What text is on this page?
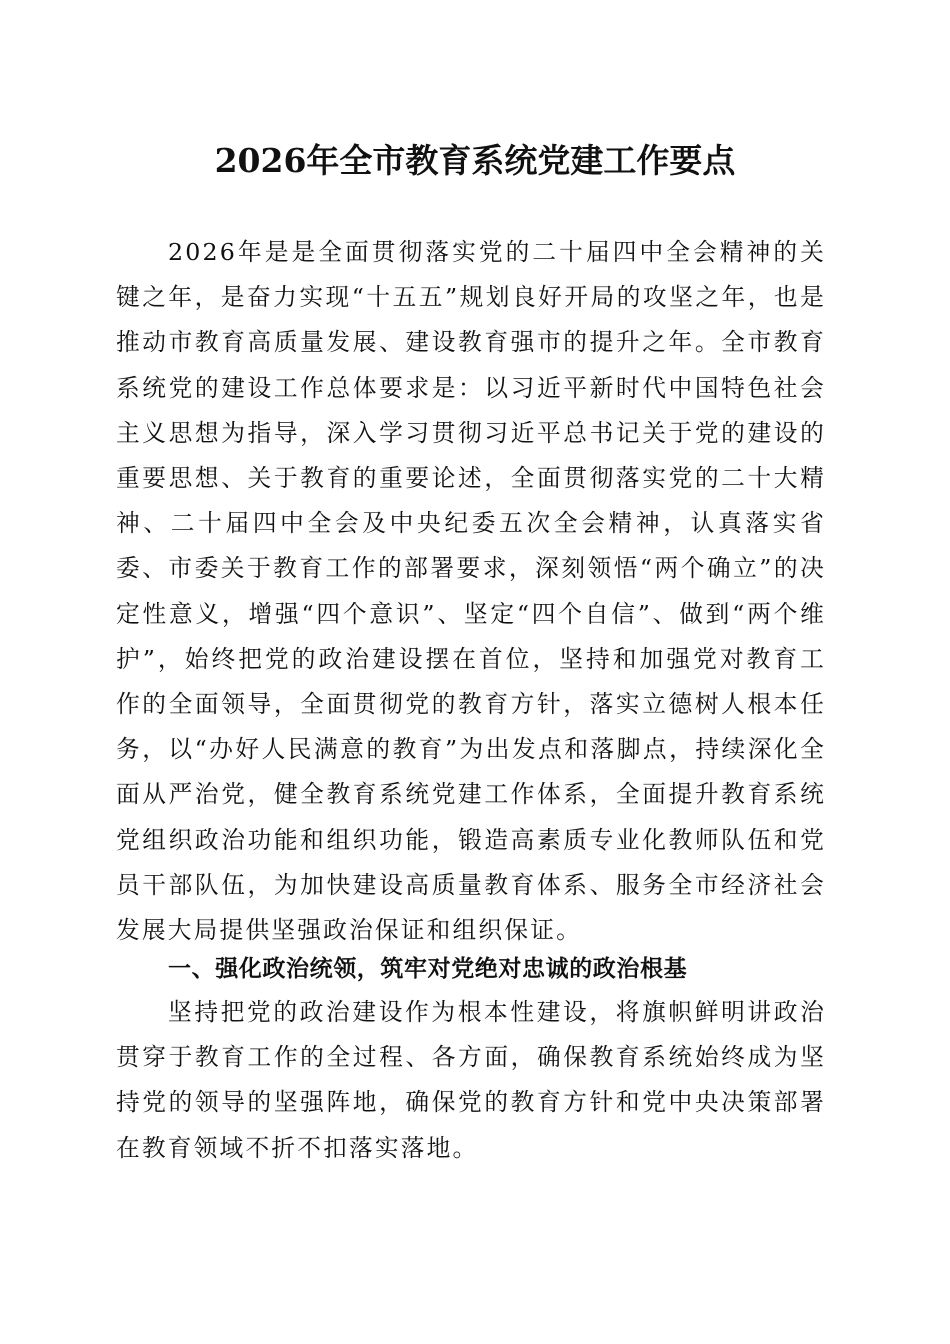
2026年全市教育系统党建工作要点

2026年是是全面贯彻落实党的二十届四中全会精神的关键之年，是奋力实现“十五五”规划良好开局的攻坚之年，也是推动市教育高质量发展、建设教育强市的提升之年。全市教育系统党的建设工作总体要求是：以习近平新时代中国特色社会主义思想为指导，深入学习贯彻习近平总书记关于党的建设的重要思想、关于教育的重要论述，全面贯彻落实党的二十大精神、二十届四中全会及中央纪委五次全会精神，认真落实省委、市委关于教育工作的部署要求，深刻领悟“两个确立”的决定性意义，增强“四个意识”、坚定“四个自信”、做到“两个维护”，始终把党的政治建设摆在首位，坚持和加强党对教育工作的全面领导，全面贯彻党的教育方针，落实立德树人根本任务，以“办好人民满意的教育”为出发点和落脚点，持续深化全面从严治党，健全教育系统党建工作体系，全面提升教育系统党组织政治功能和组织功能，锻造高素质专业化教师队伍和党员干部队伍，为加快建设高质量教育体系、服务全市经济社会发展大局提供坚强政治保证和组织保证。

一、强化政治统领，筑牢对党绝对忠诚的政治根基

坚持把党的政治建设作为根本性建设，将旗帜鲜明讲政治贯穿于教育工作的全过程、各方面，确保教育系统始终成为坚持党的领导的坚强阵地，确保党的教育方针和党中央决策部署在教育领域不折不扣落实落地。
